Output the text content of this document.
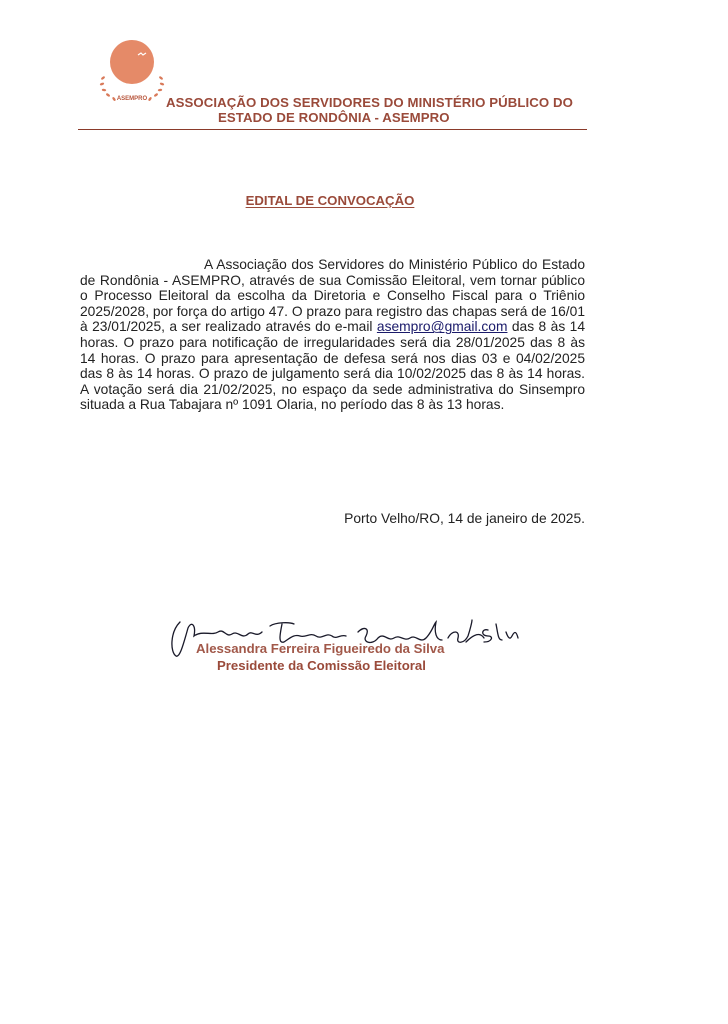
ASEMPRO ASSOCIAÇÃO DOS SERVIDORES DO MINISTÉRIO PÚBLICO DO
ESTADO DE RONDÔNIA - ASEMPRO
EDITAL DE CONVOCAÇÃO

A Associação dos Servidores do Ministério Público do Estado de Rondônia - ASEMPRO, através de sua Comissão Eleitoral, vem tornar público o Processo Eleitoral da escolha da Diretoria e Conselho Fiscal para o Triênio 2025/2028, por força do artigo 47. O prazo para registro das chapas será de 16/01 à 23/01/2025, a ser realizado através do e-mail asempro@gmail.com das 8 às 14 horas. O prazo para notificação de irregularidades será dia 28/01/2025 das 8 às 14 horas. O prazo para apresentação de defesa será nos dias 03 e 04/02/2025 das 8 às 14 horas. O prazo de julgamento será dia 10/02/2025 das 8 às 14 horas. A votação será dia 21/02/2025, no espaço da sede administrativa do Sinsempro situada a Rua Tabajara nº 1091 Olaria, no período das 8 às 13 horas.

Porto Velho/RO, 14 de janeiro de 2025.
Alessandra Ferreira Figueiredo da Silva
Presidente da Comissão Eleitoral
